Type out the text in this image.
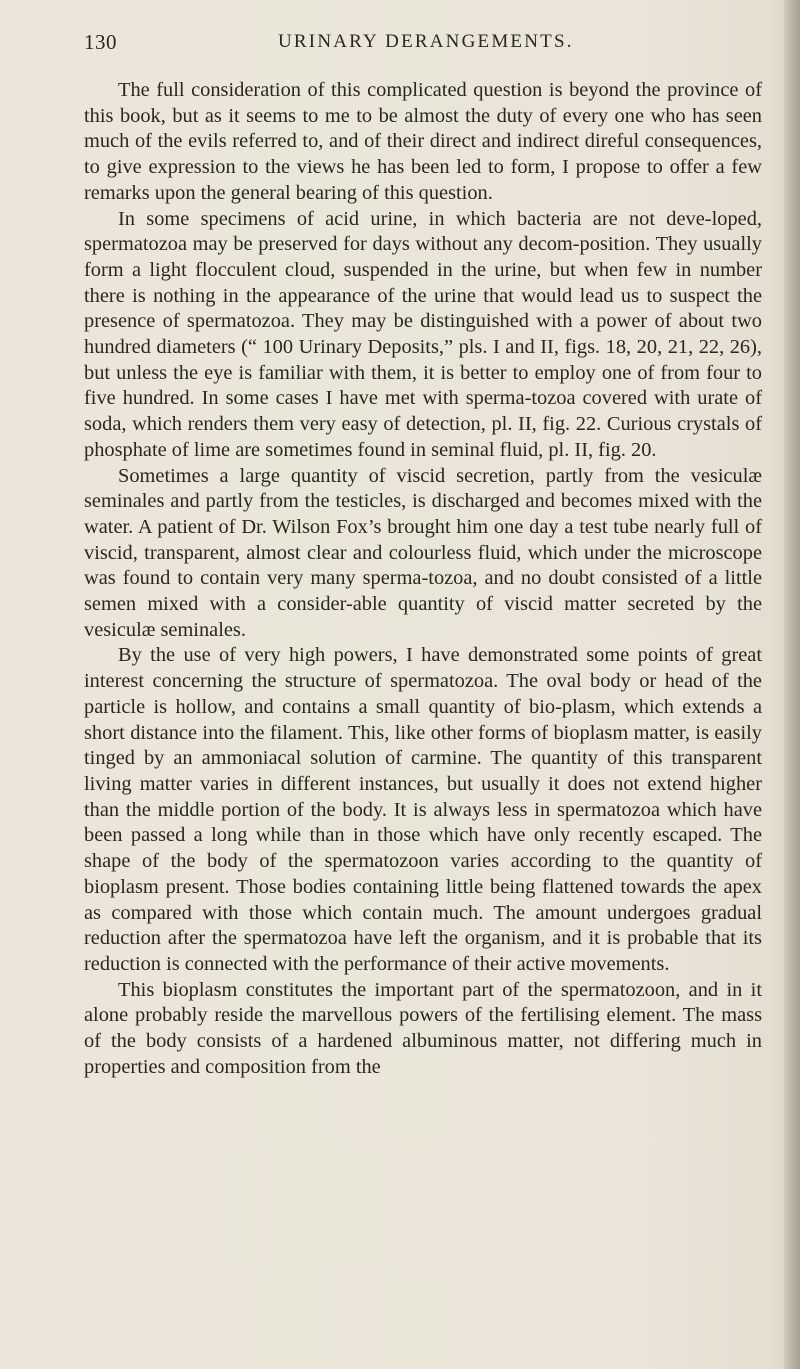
130	URINARY DERANGEMENTS.

The full consideration of this complicated question is beyond the province of this book, but as it seems to me to be almost the duty of every one who has seen much of the evils referred to, and of their direct and indirect direful consequences, to give expression to the views he has been led to form, I propose to offer a few remarks upon the general bearing of this question.

In some specimens of acid urine, in which bacteria are not deve-loped, spermatozoa may be preserved for days without any decom-position. They usually form a light flocculent cloud, suspended in the urine, but when few in number there is nothing in the appearance of the urine that would lead us to suspect the presence of spermatozoa. They may be distinguished with a power of about two hundred diameters (“ 100 Urinary Deposits,” pls. I and II, figs. 18, 20, 21, 22, 26), but unless the eye is familiar with them, it is better to employ one of from four to five hundred. In some cases I have met with sperma-tozoa covered with urate of soda, which renders them very easy of detection, pl. II, fig. 22. Curious crystals of phosphate of lime are sometimes found in seminal fluid, pl. II, fig. 20.

Sometimes a large quantity of viscid secretion, partly from the vesiculæ seminales and partly from the testicles, is discharged and becomes mixed with the water. A patient of Dr. Wilson Fox’s brought him one day a test tube nearly full of viscid, transparent, almost clear and colourless fluid, which under the microscope was found to contain very many sperma-tozoa, and no doubt consisted of a little semen mixed with a consider-able quantity of viscid matter secreted by the vesiculæ seminales.

By the use of very high powers, I have demonstrated some points of great interest concerning the structure of spermatozoa. The oval body or head of the particle is hollow, and contains a small quantity of bio-plasm, which extends a short distance into the filament. This, like other forms of bioplasm matter, is easily tinged by an ammoniacal solution of carmine. The quantity of this transparent living matter varies in different instances, but usually it does not extend higher than the middle portion of the body. It is always less in spermatozoa which have been passed a long while than in those which have only recently escaped. The shape of the body of the spermatozoon varies according to the quantity of bioplasm present. Those bodies containing little being flattened towards the apex as compared with those which contain much. The amount undergoes gradual reduction after the spermatozoa have left the organism, and it is probable that its reduction is connected with the performance of their active movements.

This bioplasm constitutes the important part of the spermatozoon, and in it alone probably reside the marvellous powers of the fertilising element. The mass of the body consists of a hardened albuminous matter, not differing much in properties and composition from the
